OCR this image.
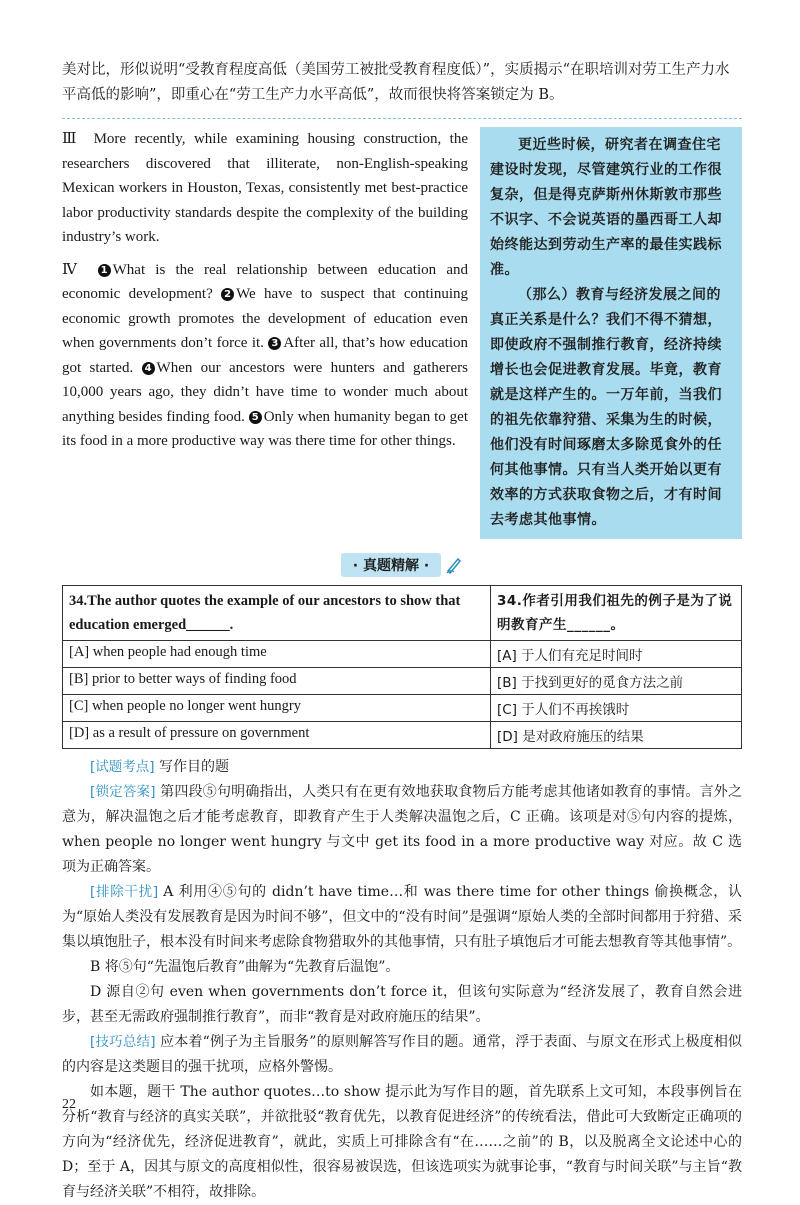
美对比，形似说明“受教育程度高低（美国劳工被批受教育程度低）”，实质揭示“在职培训对劳工生产力水平高低的影响”，即重心在“劳工生产力水平高低”，故而很快将答案锁定为 B。

Ⅲ More recently, while examining housing construction, the researchers discovered that illiterate, non-English-speaking Mexican workers in Houston, Texas, consistently met best-practice labor productivity standards despite the complexity of the building industry’s work.

Ⅳ 1 What is the real relationship between education and economic development? 2 We have to suspect that continuing economic growth promotes the development of education even when governments don’t force it. 3 After all, that’s how education got started. 4 When our ancestors were hunters and gatherers 10,000 years ago, they didn’t have time to wonder much about anything besides finding food. 5 Only when humanity began to get its food in a more productive way was there time for other things.

更近些时候，研究者在调查住宅建设时发现，尽管建筑行业的工作很复杂，但是得克萨斯州休斯敦市那些不识字、不会说英语的墨西哥工人却始终能达到劳动生产率的最佳实践标准。

（那么）教育与经济发展之间的真正关系是什么？我们不得不猜想，即使政府不强制推行教育，经济持续增长也会促进教育发展。毕竟，教育就是这样产生的。一万年前，当我们的祖先依靠狩猎、采集为生的时候，他们没有时间琢磨太多除觅食外的任何其他事情。只有当人类开始以更有效率的方式获取食物之后，才有时间去考虑其他事情。

· 真题精解 ·
34.The author quotes the example of our ancestors to show that education emerged______.	34.作者引用我们祖先的例子是为了说明教育产生______。
[A] when people had enough time	[A] 于人们有充足时间时
[B] prior to better ways of finding food	[B] 于找到更好的觅食方法之前
[C] when people no longer went hungry	[C] 于人们不再挨饿时
[D] as a result of pressure on government	[D] 是对政府施压的结果

[试题考点] 写作目的题

[锁定答案] 第四段⑤句明确指出，人类只有在更有效地获取食物后方能考虑其他诸如教育的事情。言外之意为，解决温饱之后才能考虑教育，即教育产生于人类解决温饱之后，C 正确。该项是对⑤句内容的提炼，when people no longer went hungry 与文中 get its food in a more productive way 对应。故 C 选项为正确答案。

[排除干扰] A 利用④⑤句的 didn’t have time…和 was there time for other things 偷换概念，认为“原始人类没有发展教育是因为时间不够”，但文中的“没有时间”是强调“原始人类的全部时间都用于狩猎、采集以填饱肚子，根本没有时间来考虑除食物猎取外的其他事情，只有肚子填饱后才可能去想教育等其他事情”。

B 将⑤句“先温饱后教育”曲解为“先教育后温饱”。

D 源自②句 even when governments don’t force it，但该句实际意为“经济发展了，教育自然会进步，甚至无需政府强制推行教育”，而非“教育是对政府施压的结果”。

[技巧总结] 应本着“例子为主旨服务”的原则解答写作目的题。通常，浮于表面、与原文在形式上极度相似的内容是这类题目的强干扰项，应格外警惕。

如本题，题干 The author quotes…to show 提示此为写作目的题，首先联系上文可知，本段事例旨在分析“教育与经济的真实关联”，并欲批驳“教育优先，以教育促进经济”的传统看法，借此可大致断定正确项的方向为“经济优先，经济促进教育”，就此，实质上可排除含有“在……之前”的 B，以及脱离全文论述中心的 D；至于 A，因其与原文的高度相似性，很容易被误选，但该选项实为就事论事，“教育与时间关联”与主旨“教育与经济关联”不相符，故排除。

22
